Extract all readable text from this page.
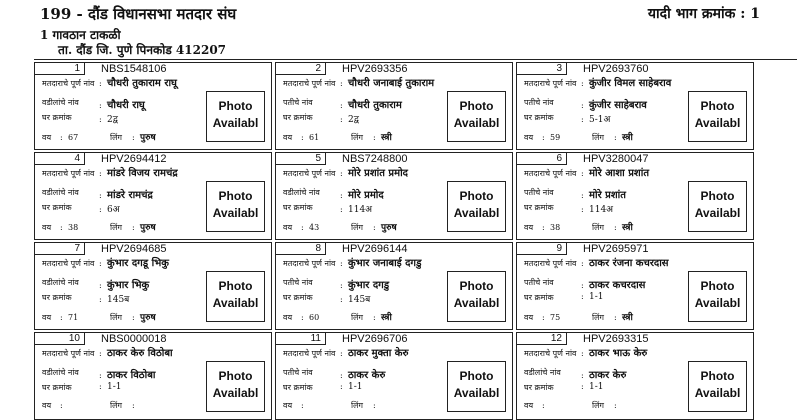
199 - दौंड विधानसभा मतदार संघ	यादी भाग क्रमांक : 1
1 गावठान टाकळी
ता. दौंड जि. पुणे पिनकोड 412207
1	NBS1548106
मतदाराचे पूर्ण नांव : चौधरी तुकाराम राघू
वडीलांचे नांव	: चौधरी राघू
घर क्रमांक	: 2द्व
वय : 67	लिंग : पुरुष
Photo
Availabl
2	HPV2693356
मतदाराचे पूर्ण नांव : चौधरी जनाबाई तुकाराम
पतीचे नांव	: चौधरी तुकाराम
घर क्रमांक	: 2द्व
वय : 61	लिंग : स्त्री
Photo
Availabl
3	HPV2693760
मतदाराचे पूर्ण नांव : कुंजीर विमल साहेबराव
पतीचे नांव	: कुंजीर साहेबराव
घर क्रमांक	: 5-1अ
वय : 59	लिंग : स्त्री
Photo
Availabl
4	HPV2694412
मतदाराचे पूर्ण नांव : मांडरे विजय रामचंद्र
वडीलांचे नांव	: मांडरे रामचंद्र
घर क्रमांक	: 6अ
वय : 38	लिंग : पुरुष
Photo
Availabl
5	NBS7248800
मतदाराचे पूर्ण नांव : मोरे प्रशांत प्रमोद
वडीलांचे नांव	: मोरे प्रमोद
घर क्रमांक	: 114अ
वय : 43	लिंग : पुरुष
Photo
Availabl
6	HPV3280047
मतदाराचे पूर्ण नांव : मोरे आशा प्रशांत
पतीचे नांव	: मोरे प्रशांत
घर क्रमांक	: 114अ
वय : 38	लिंग : स्त्री
Photo
Availabl
7	HPV2694685
मतदाराचे पूर्ण नांव : कुंभार दगडू भिकु
वडीलांचे नांव	: कुंभार भिकु
घर क्रमांक	: 145ब
वय : 71	लिंग : पुरुष
Photo
Availabl
8	HPV2696144
मतदाराचे पूर्ण नांव : कुंभार जनाबाई दगडु
पतीचे नांव	: कुंभार दगडु
घर क्रमांक	: 145ब
वय : 60	लिंग : स्त्री
Photo
Availabl
9	HPV2695971
मतदाराचे पूर्ण नांव : ठाकर रंजना कचरदास
पतीचे नांव	: ठाकर कचरदास
घर क्रमांक	: 1-1
वय : 75	लिंग : स्त्री
Photo
Availabl
10	NBS0000018
मतदाराचे पूर्ण नांव : ठाकर केरु विठोबा
वडीलांचे नांव	: ठाकर विठोबा
घर क्रमांक	: 1-1
वय :	लिंग :
Photo
Availabl
11	HPV2696706
मतदाराचे पूर्ण नांव : ठाकर मुक्ता केरु
पतीचे नांव	: ठाकर केरु
घर क्रमांक	: 1-1
वय :	लिंग :
Photo
Availabl
12	HPV2693315
मतदाराचे पूर्ण नांव : ठाकर भाऊ केरु
वडीलांचे नांव	: ठाकर केरु
घर क्रमांक	: 1-1
वय :	लिंग :
Photo
Availabl
